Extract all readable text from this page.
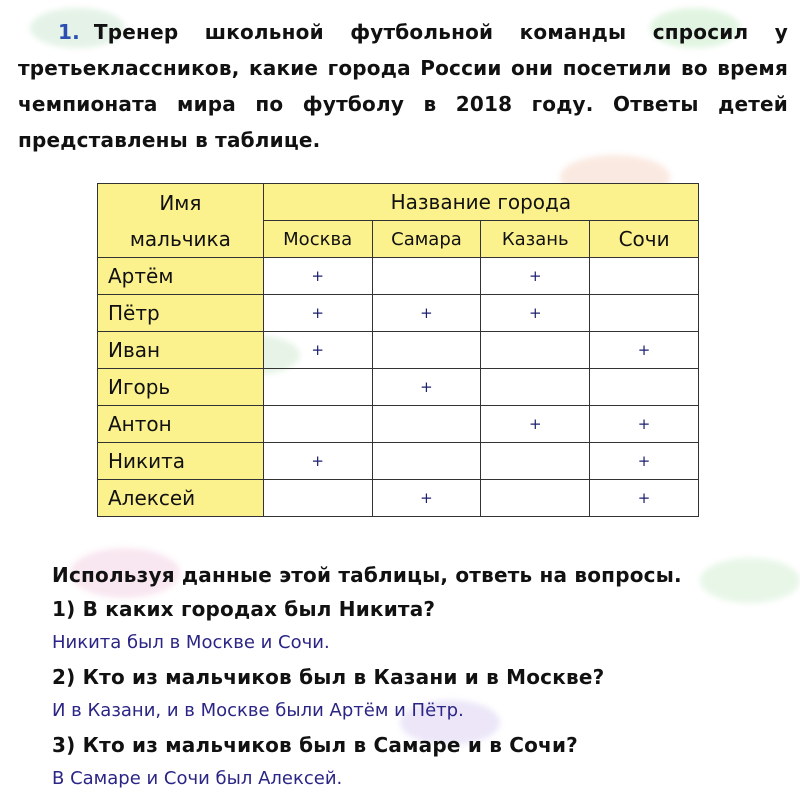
1. Тренер школьной футбольной команды спросил у третьеклассников, какие города России они посетили во время чемпионата мира по футболу в 2018 году. Ответы детей представлены в таблице.
Имя
мальчика	Название города			
	Москва	Самара	Казань	Сочи
Артём	+		+	
Пётр	+	+	+	
Иван	+			+
Игорь		+		
Антон			+	+
Никита	+			+
Алексей		+		+
Используя данные этой таблицы, ответь на вопросы.
1) В каких городах был Никита?
Никита был в Москве и Сочи.
2) Кто из мальчиков был в Казани и в Москве?
И в Казани, и в Москве были Артём и Пётр.
3) Кто из мальчиков был в Самаре и в Сочи?
В Самаре и Сочи был Алексей.
